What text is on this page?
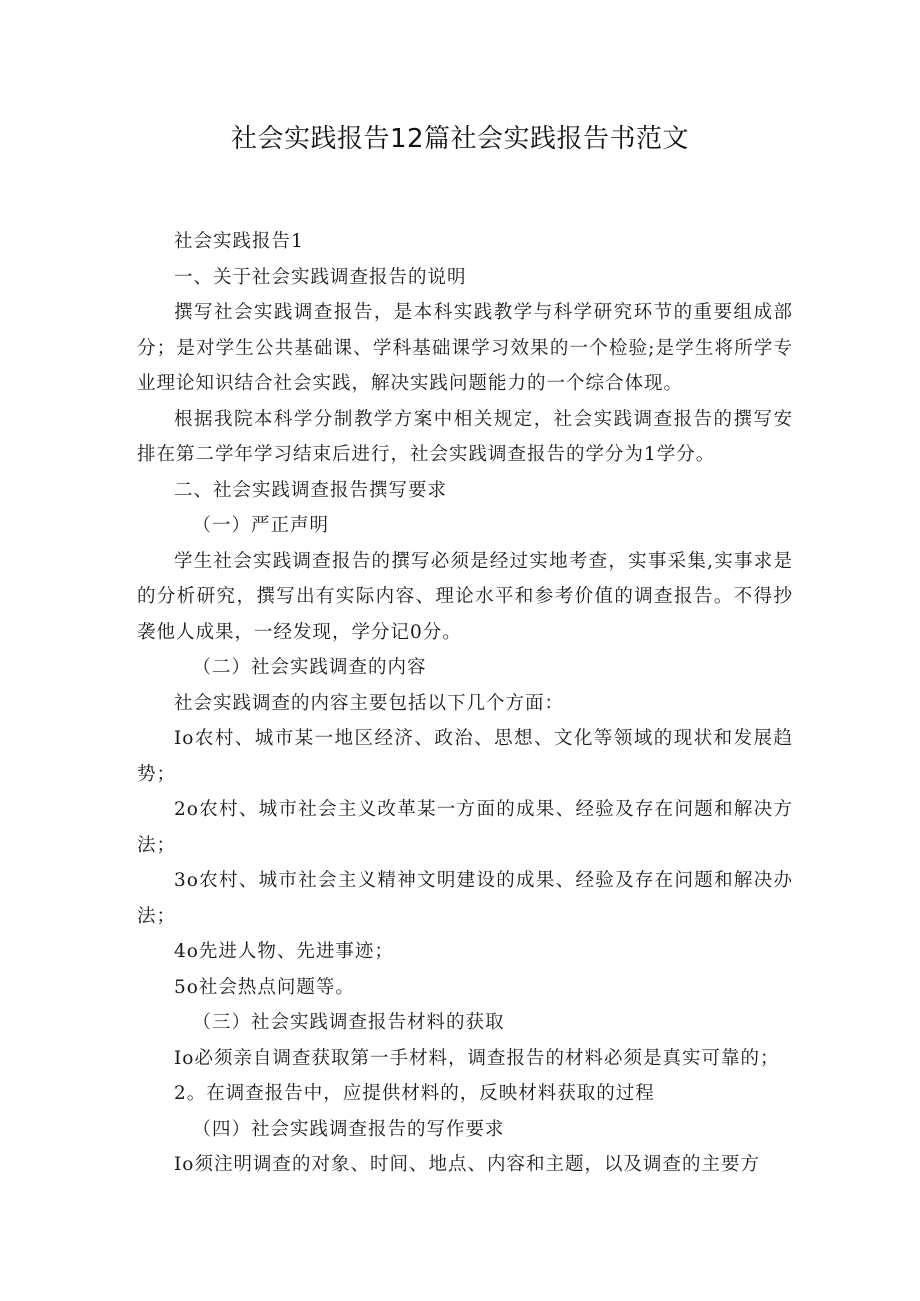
社会实践报告12篇社会实践报告书范文

社会实践报告1

一、关于社会实践调查报告的说明

撰写社会实践调查报告，是本科实践教学与科学研究环节的重要组成部分；是对学生公共基础课、学科基础课学习效果的一个检验;是学生将所学专业理论知识结合社会实践，解决实践问题能力的一个综合体现。

根据我院本科学分制教学方案中相关规定，社会实践调查报告的撰写安排在第二学年学习结束后进行，社会实践调查报告的学分为1学分。

二、社会实践调查报告撰写要求

（一）严正声明

学生社会实践调查报告的撰写必须是经过实地考查，实事采集,实事求是的分析研究，撰写出有实际内容、理论水平和参考价值的调查报告。不得抄袭他人成果，一经发现，学分记0分。

（二）社会实践调查的内容

社会实践调查的内容主要包括以下几个方面：

Io农村、城市某一地区经济、政治、思想、文化等领域的现状和发展趋势；

2o农村、城市社会主义改革某一方面的成果、经验及存在问题和解决方法；

3o农村、城市社会主义精神文明建设的成果、经验及存在问题和解决办法；

4o先进人物、先进事迹；

5o社会热点问题等。

（三）社会实践调查报告材料的获取

Io必须亲自调查获取第一手材料，调查报告的材料必须是真实可靠的；

2。在调查报告中，应提供材料的，反映材料获取的过程

（四）社会实践调查报告的写作要求

Io须注明调查的对象、时间、地点、内容和主题，以及调查的主要方
